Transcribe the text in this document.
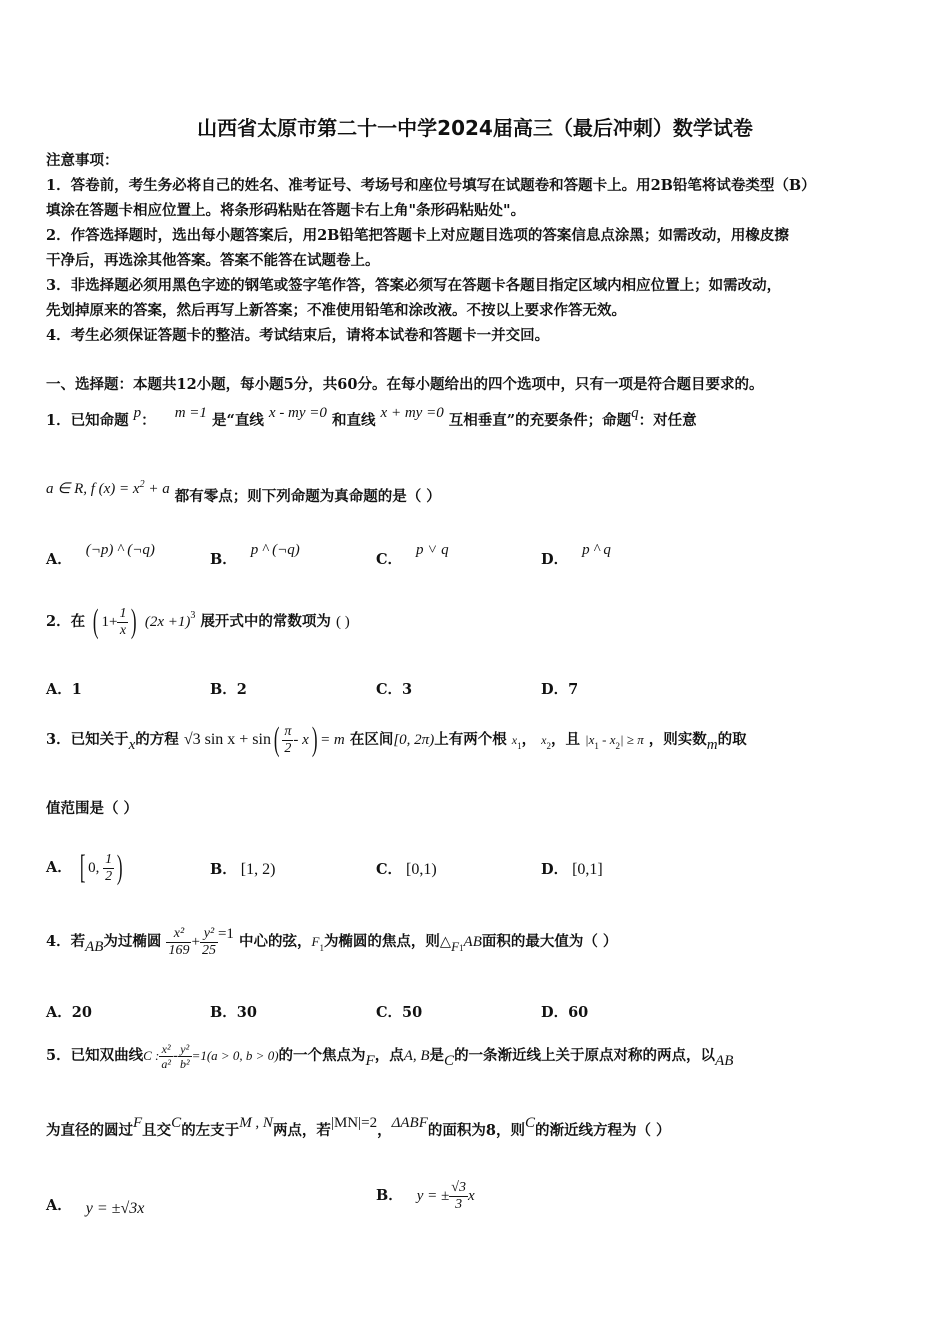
山西省太原市第二十一中学2024届高三（最后冲刺）数学试卷
注意事项：
1．答卷前，考生务必将自己的姓名、准考证号、考场号和座位号填写在试题卷和答题卡上。用2B铅笔将试卷类型（B）
填涂在答题卡相应位置上。将条形码粘贴在答题卡右上角"条形码粘贴处"。
2．作答选择题时，选出每小题答案后，用2B铅笔把答题卡上对应题目选项的答案信息点涂黑；如需改动，用橡皮擦
干净后，再选涂其他答案。答案不能答在试题卷上。
3．非选择题必须用黑色字迹的钢笔或签字笔作答，答案必须写在答题卡各题目指定区域内相应位置上；如需改动，
先划掉原来的答案，然后再写上新答案；不准使用铅笔和涂改液。不按以上要求作答无效。
4．考生必须保证答题卡的整洁。考试结束后，请将本试卷和答题卡一并交回。
一、选择题：本题共12小题，每小题5分，共60分。在每小题给出的四个选项中，只有一项是符合题目要求的。
1．已知命题 p： m =1 是“直线 x - my =0 和直线 x + my =0 互相垂直”的充要条件；命题q：对任意
a ∈ R, f $(x) = x^2 + a$ 都有零点；则下列命题为真命题的是（ ）
A．(¬p) ^ (¬q)
B．p ^ (¬q)
C．p ˅ q
D．p ^ q
2．在 ( $1+ \frac{1}{x}$ ) $(2x +1)^3$ 展开式中的常数项为 ( )
A．1	B．2	C．3	D．7
3．已知关于x的方程 √3 $\sin x + \sin( \frac{\pi}{2} - x) = m$ 在区间[0, 2π)上有两个根 $x_1$， $x_2$，且 $|x_1 - x_2| \ge \pi$ ，则实数m的取
值范围是（ ）
A． [ 0, $\frac{1}{2}$ )	B． [1, 2)	C． [0,1)	D． [0,1]
4．若AB为过椭圆 $\frac{\text{x²}}{169} + \frac{\text{y²}}{25} =1$ 中心的弦，$F_1$为椭圆的焦点，则$\triangle F_1AB$面积的最大值为（ ）
A．20	B．30	C．50	D．60
5．已知双曲线C : $\frac{\text{x²}}{\text{a²}} - \frac{\text{y²}}{\text{b²}} =1(a > 0$, b > 0)的一个焦点为F，点A, B是C的一条渐近线上关于原点对称的两点，以AB
为直径的圆过F且交C的左支于M , N两点，若|MN|=2，ΔABF的面积为8，则C的渐近线方程为（ ）
A． y = ±√3x
B． y = ± $\frac{√3}{3}$ x
